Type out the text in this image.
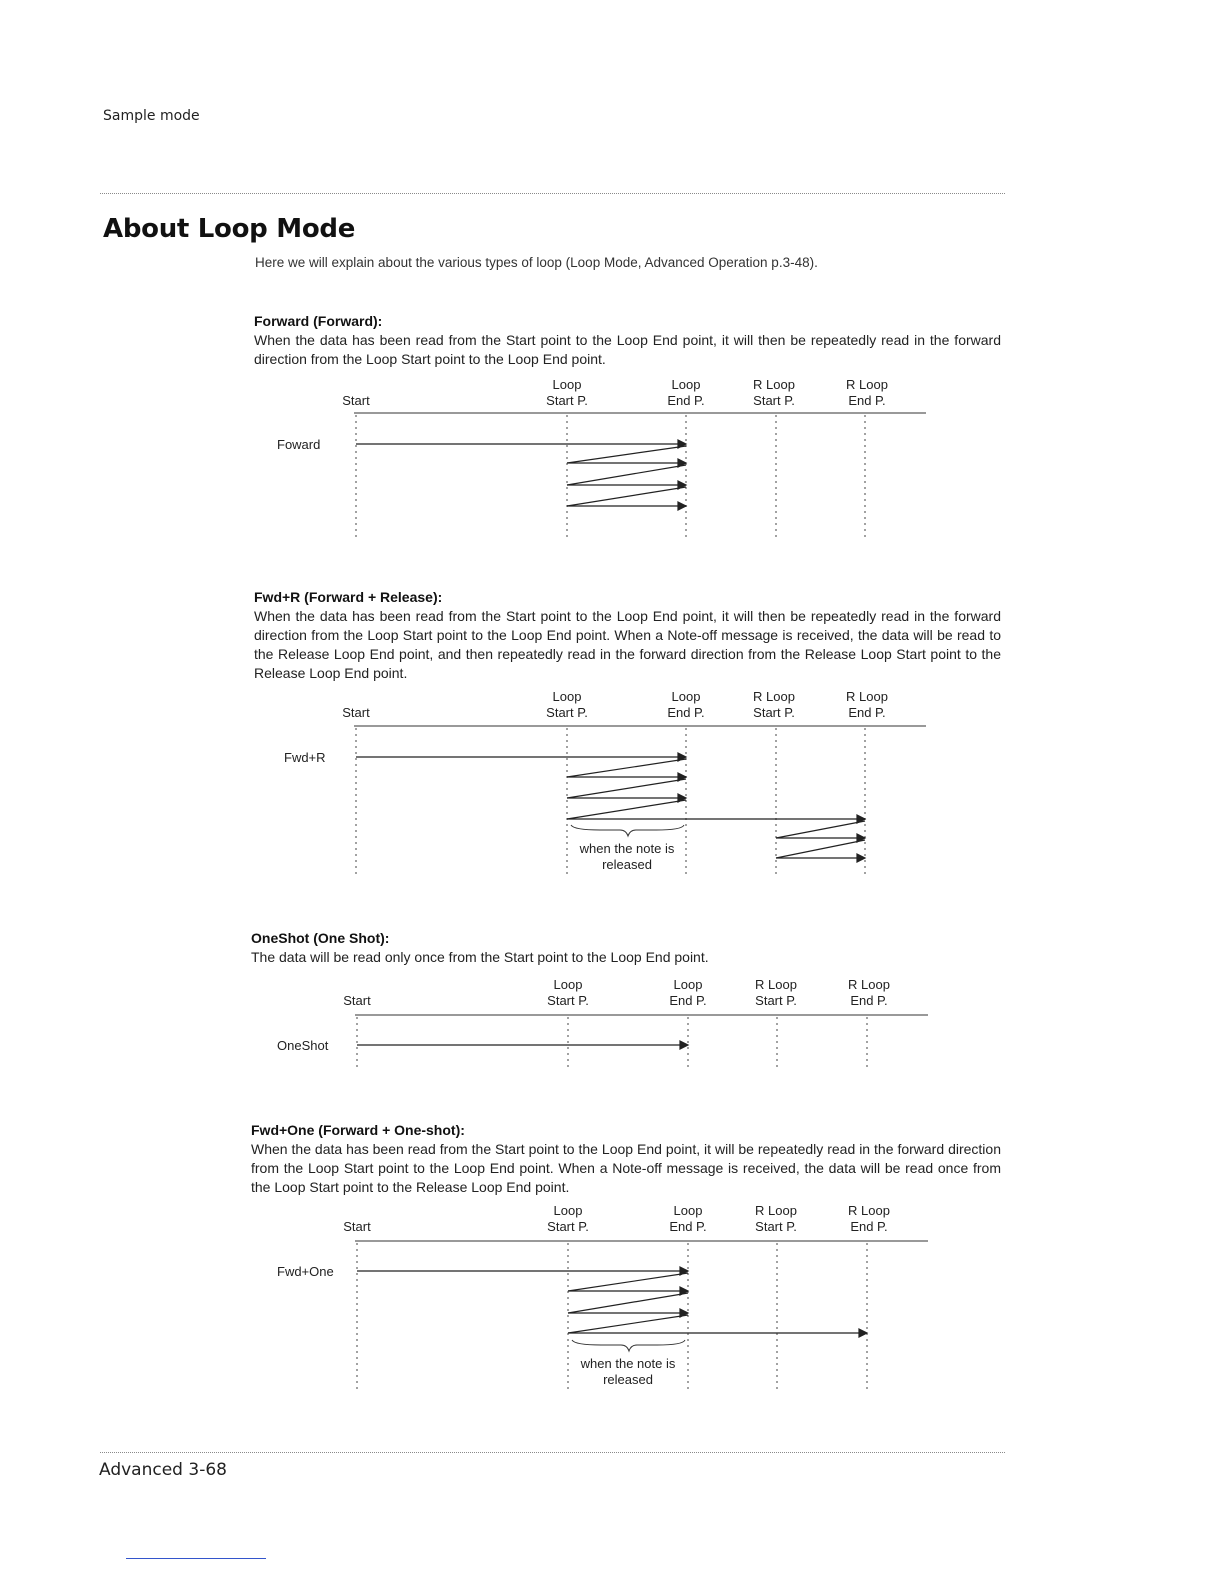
Sample mode
About Loop Mode
Here we will explain about the various types of loop (Loop Mode, Advanced Operation p.3-48).
Forward (Forward):

When the data has been read from the Start point to the Loop End point, it will then be repeatedly read in the forward direction from the Loop Start point to the Loop End point.

Start
Loop
Start P.
Loop
End P.
R Loop
Start P.
R Loop
End P.
Foward
Fwd+R (Forward + Release):

When the data has been read from the Start point to the Loop End point, it will then be repeatedly read in the forward direction from the Loop Start point to the Loop End point. When a Note-off message is received, the data will be read to the Release Loop End point, and then repeatedly read in the forward direction from the Release Loop Start point to the Release Loop End point.

Start
Loop
Start P.
Loop
End P.
R Loop
Start P.
R Loop
End P.
Fwd+R
when the note is
released
OneShot (One Shot):

The data will be read only once from the Start point to the Loop End point.

Start
Loop
Start P.
Loop
End P.
R Loop
Start P.
R Loop
End P.
OneShot
Fwd+One (Forward + One-shot):

When the data has been read from the Start point to the Loop End point, it will be repeatedly read in the forward direction from the Loop Start point to the Loop End point. When a Note-off message is received, the data will be read once from the Loop Start point to the Release Loop End point.

Start
Loop
Start P.
Loop
End P.
R Loop
Start P.
R Loop
End P.
Fwd+One
when the note is
released
Advanced 3-68
